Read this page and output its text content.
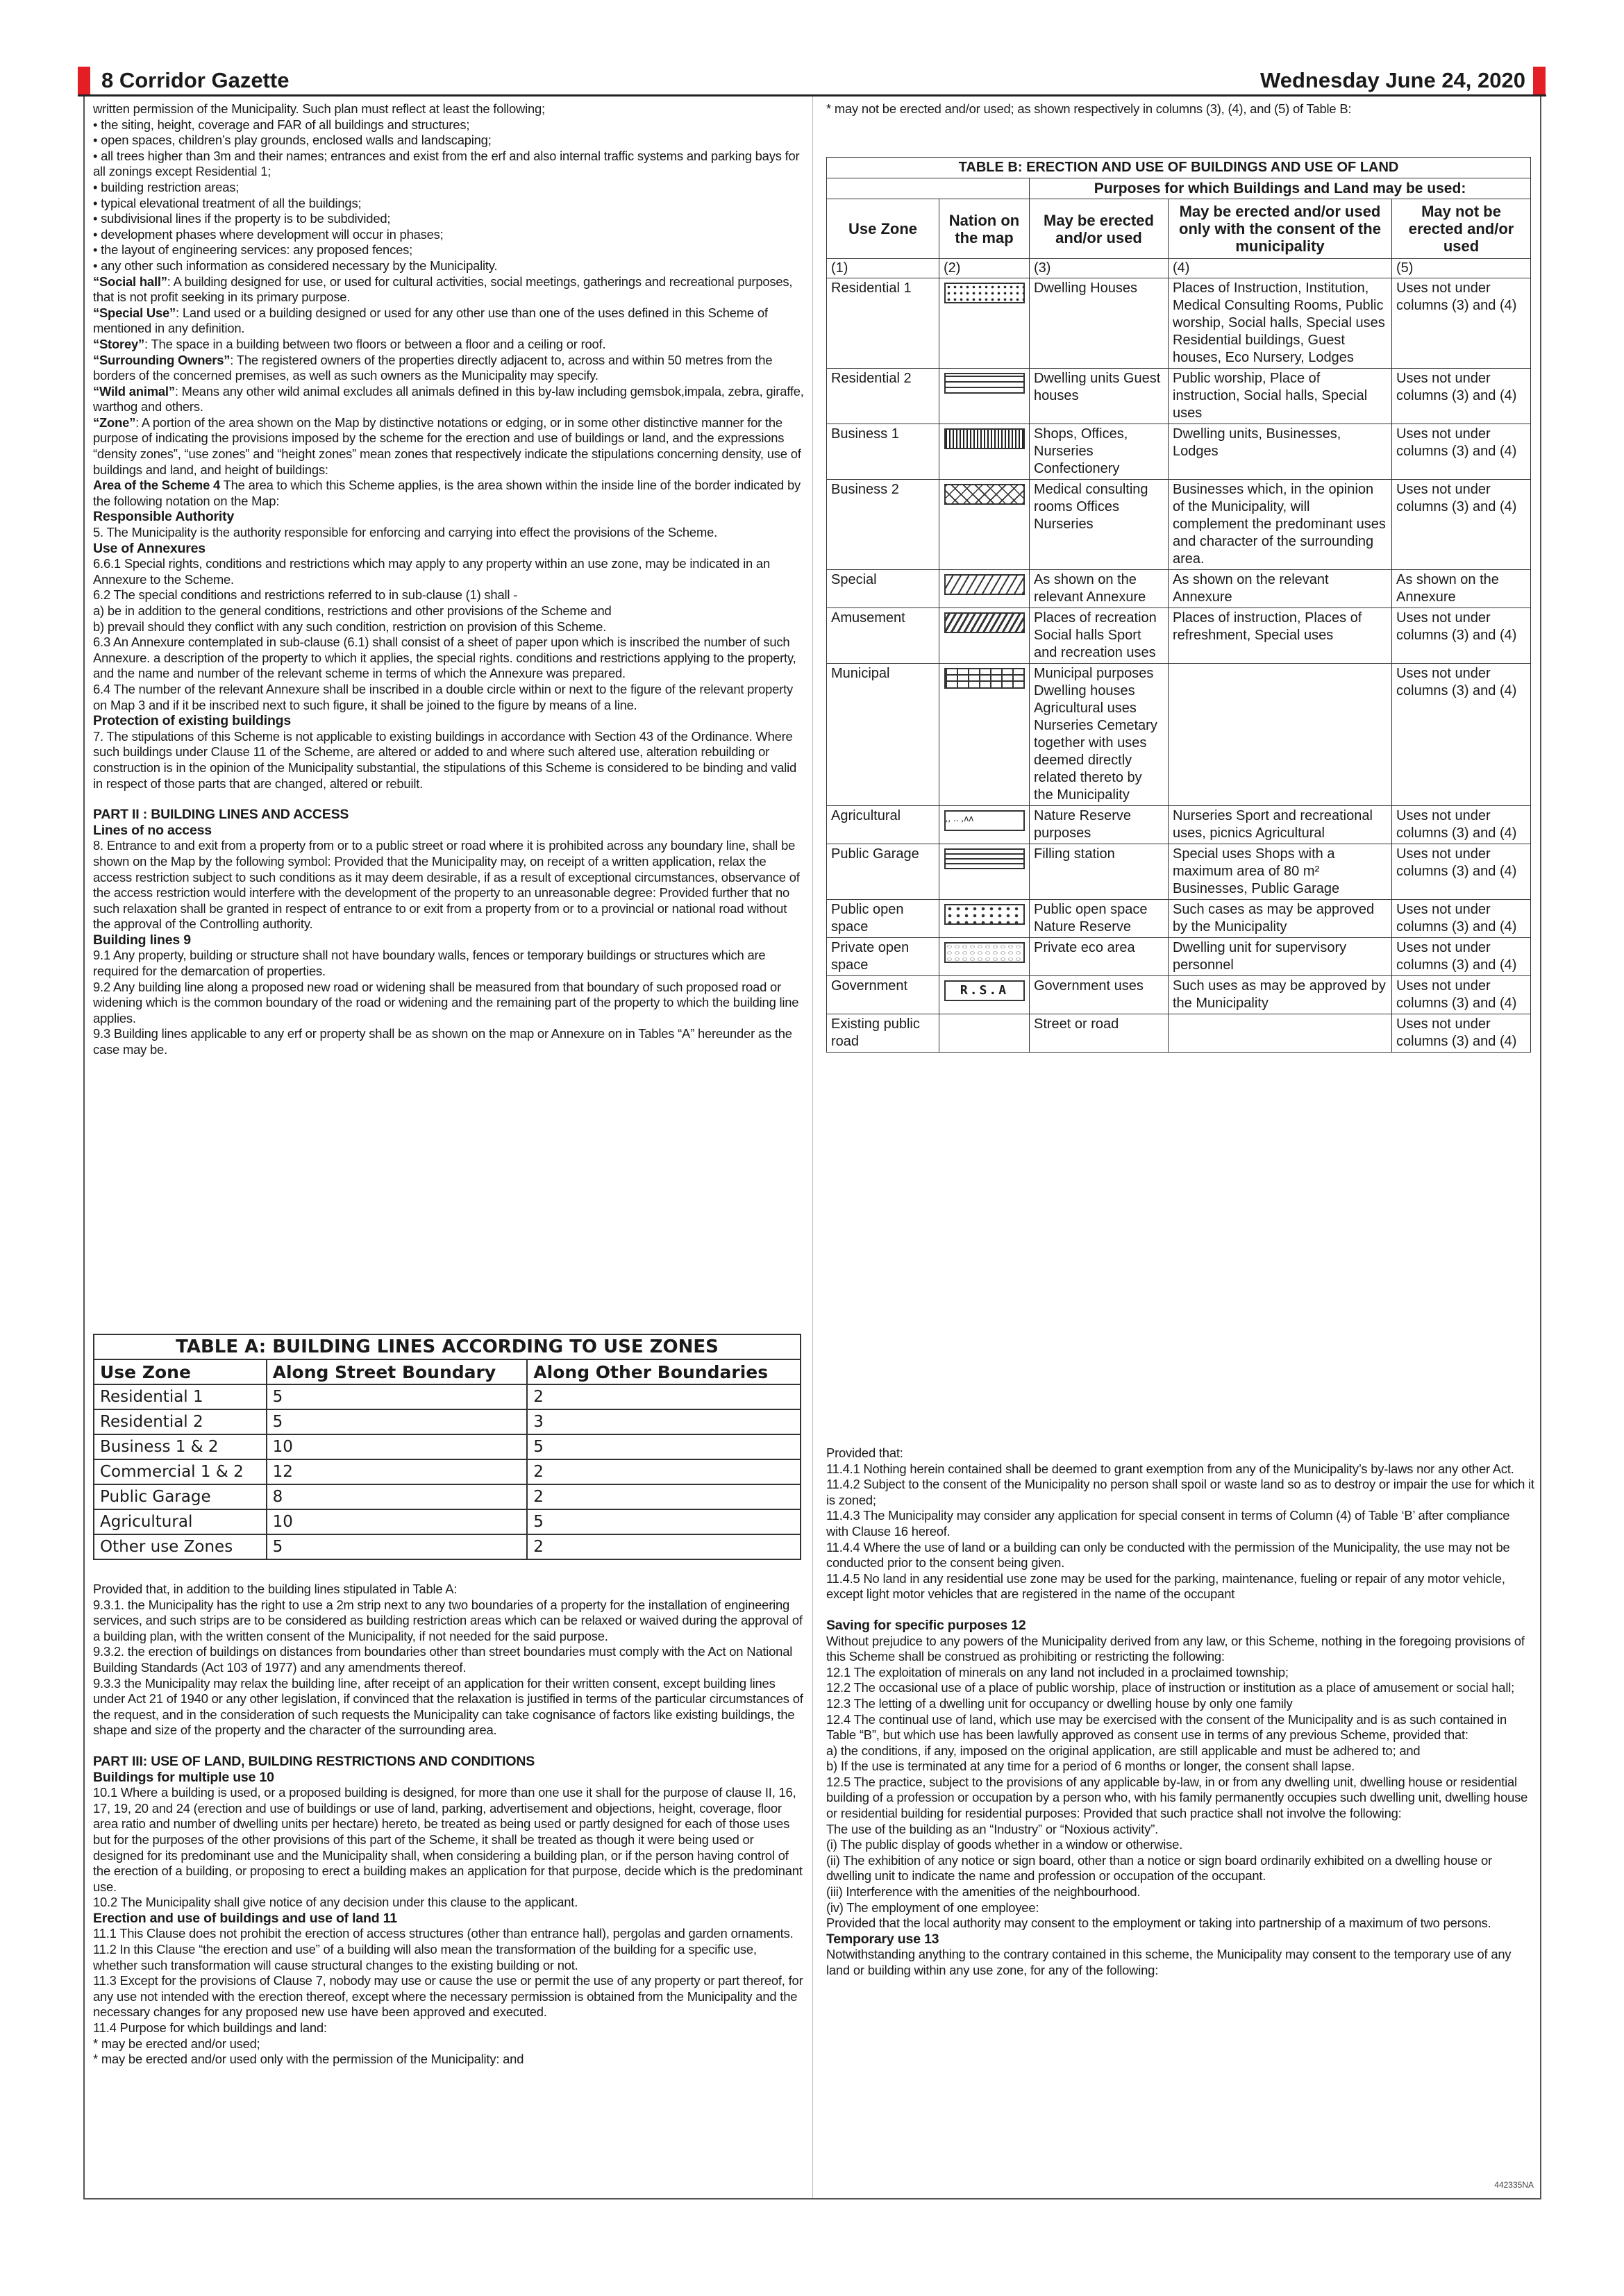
8 Corridor Gazette	Wednesday June 24, 2020

written permission of the Municipality. Such plan must reflect at least the following;

• the siting, height, coverage and FAR of all buildings and structures;

• open spaces, children’s play grounds, enclosed walls and landscaping;

• all trees higher than 3m and their names; entrances and exist from the erf and also internal traffic systems and parking bays for all zonings except Residential 1;

• building restriction areas;

• typical elevational treatment of all the buildings;

• subdivisional lines if the property is to be subdivided;

• development phases where development will occur in phases;

• the layout of engineering services: any proposed fences;

• any other such information as considered necessary by the Municipality.

“Social hall”: A building designed for use, or used for cultural activities, social meetings, gatherings and recreational purposes, that is not profit seeking in its primary purpose.

“Special Use”: Land used or a building designed or used for any other use than one of the uses defined in this Scheme of mentioned in any definition.

“Storey”: The space in a building between two floors or between a floor and a ceiling or roof.

“Surrounding Owners”: The registered owners of the properties directly adjacent to, across and within 50 metres from the borders of the concerned premises, as well as such owners as the Municipality may specify.

“Wild animal”: Means any other wild animal excludes all animals defined in this by-law including gemsbok,impala, zebra, giraffe, warthog and others.

“Zone”: A portion of the area shown on the Map by distinctive notations or edging, or in some other distinctive manner for the purpose of indicating the provisions imposed by the scheme for the erection and use of buildings or land, and the expressions “density zones”, “use zones” and “height zones” mean zones that respectively indicate the stipulations concerning density, use of buildings and land, and height of buildings:

Area of the Scheme 4 The area to which this Scheme applies, is the area shown within the inside line of the border indicated by the following notation on the Map:

Responsible Authority

5. The Municipality is the authority responsible for enforcing and carrying into effect the provisions of the Scheme.

Use of Annexures

6.6.1 Special rights, conditions and restrictions which may apply to any property within an use zone, may be indicated in an Annexure to the Scheme.

6.2 The special conditions and restrictions referred to in sub-clause (1) shall -

a) be in addition to the general conditions, restrictions and other provisions of the Scheme and

b) prevail should they conflict with any such condition, restriction on provision of this Scheme.

6.3 An Annexure contemplated in sub-clause (6.1) shall consist of a sheet of paper upon which is inscribed the number of such Annexure. a description of the property to which it applies, the special rights. conditions and restrictions applying to the property, and the name and number of the relevant scheme in terms of which the Annexure was prepared.

6.4 The number of the relevant Annexure shall be inscribed in a double circle within or next to the figure of the relevant property on Map 3 and if it be inscribed next to such figure, it shall be joined to the figure by means of a line.

Protection of existing buildings

7. The stipulations of this Scheme is not applicable to existing buildings in accordance with Section 43 of the Ordinance. Where such buildings under Clause 11 of the Scheme, are altered or added to and where such altered use, alteration rebuilding or construction is in the opinion of the Municipality substantial, the stipulations of this Scheme is considered to be binding and valid in respect of those parts that are changed, altered or rebuilt.

PART II : BUILDING LINES AND ACCESS

Lines of no access

8. Entrance to and exit from a property from or to a public street or road where it is prohibited across any boundary line, shall be shown on the Map by the following symbol: Provided that the Municipality may, on receipt of a written application, relax the access restriction subject to such conditions as it may deem desirable, if as a result of exceptional circumstances, observance of the access restriction would interfere with the development of the property to an unreasonable degree: Provided further that no such relaxation shall be granted in respect of entrance to or exit from a property from or to a provincial or national road without the approval of the Controlling authority.

Building lines 9

9.1 Any property, building or structure shall not have boundary walls, fences or temporary buildings or structures which are required for the demarcation of properties.

9.2 Any building line along a proposed new road or widening shall be measured from that boundary of such proposed road or widening which is the common boundary of the road or widening and the remaining part of the property to which the building line applies.

9.3 Building lines applicable to any erf or property shall be as shown on the map or Annexure on in Tables “A” hereunder as the case may be.

TABLE A: BUILDING LINES ACCORDING TO USE ZONES		
Use Zone	Along Street Boundary	Along Other Boundaries
Residential 1	5	2
Residential 2	5	3
Business 1 & 2	10	5
Commercial 1 & 2	12	2
Public Garage	8	2
Agricultural	10	5
Other use Zones	5	2

Provided that, in addition to the building lines stipulated in Table A:

9.3.1. the Municipality has the right to use a 2m strip next to any two boundaries of a property for the installation of engineering services, and such strips are to be considered as building restriction areas which can be relaxed or waived during the approval of a building plan, with the written consent of the Municipality, if not needed for the said purpose.

9.3.2. the erection of buildings on distances from boundaries other than street boundaries must comply with the Act on National Building Standards (Act 103 of 1977) and any amendments thereof.

9.3.3 the Municipality may relax the building line, after receipt of an application for their written consent, except building lines under Act 21 of 1940 or any other legislation, if convinced that the relaxation is justified in terms of the particular circumstances of the request, and in the consideration of such requests the Municipality can take cognisance of factors like existing buildings, the shape and size of the property and the character of the surrounding area.

PART III: USE OF LAND, BUILDING RESTRICTIONS AND CONDITIONS

Buildings for multiple use 10

10.1 Where a building is used, or a proposed building is designed, for more than one use it shall for the purpose of clause II, 16, 17, 19, 20 and 24 (erection and use of buildings or use of land, parking, advertisement and objections, height, coverage, floor area ratio and number of dwelling units per hectare) hereto, be treated as being used or partly designed for each of those uses but for the purposes of the other provisions of this part of the Scheme, it shall be treated as though it were being used or designed for its predominant use and the Municipality shall, when considering a building plan, or if the person having control of the erection of a building, or proposing to erect a building makes an application for that purpose, decide which is the predominant use.

10.2 The Municipality shall give notice of any decision under this clause to the applicant.

Erection and use of buildings and use of land 11

11.1 This Clause does not prohibit the erection of access structures (other than entrance hall), pergolas and garden ornaments.

11.2 In this Clause “the erection and use” of a building will also mean the transformation of the building for a specific use, whether such transformation will cause structural changes to the existing building or not.

11.3 Except for the provisions of Clause 7, nobody may use or cause the use or permit the use of any property or part thereof, for any use not intended with the erection thereof, except where the necessary permission is obtained from the Municipality and the necessary changes for any proposed new use have been approved and executed.

11.4 Purpose for which buildings and land:

* may be erected and/or used;

* may be erected and/or used only with the permission of the Municipality: and

* may not be erected and/or used; as shown respectively in columns (3), (4), and (5) of Table B:
TABLE B: ERECTION AND USE OF BUILDINGS AND USE OF LAND				
		Purposes for which Buildings and Land may be used:		
Use Zone	Nation on the map	May be erected and/or used	May be erected and/or used only with the consent of the municipality	May not be erected and/or used
(1)	(2)	(3)	(4)	(5)
Residential 1		Dwelling Houses	Places of Instruction, Institution, Medical Consulting Rooms, Public worship, Social halls, Special uses Residential buildings, Guest houses, Eco Nursery, Lodges	Uses not under columns (3) and (4)
Residential 2		Dwelling units Guest houses	Public worship, Place of instruction, Social halls, Special uses	Uses not under columns (3) and (4)
Business 1		Shops, Offices, Nurseries Confectionery	Dwelling units, Businesses, Lodges	Uses not under columns (3) and (4)
Business 2		Medical consulting rooms Offices Nurseries	Businesses which, in the opinion of the Municipality, will complement the predominant uses and character of the surrounding area.	Uses not under columns (3) and (4)
Special		As shown on the relevant Annexure	As shown on the relevant Annexure	As shown on the Annexure
Amusement		Places of recreation Social halls Sport and recreation uses	Places of instruction, Places of refreshment, Special uses	Uses not under columns (3) and (4)
Municipal		Municipal purposes Dwelling houses Agricultural uses Nurseries Cemetary together with uses deemed directly related thereto by the Municipality		Uses not under columns (3) and (4)
Agricultural	,, .. ,ʌʌ	Nature Reserve purposes	Nurseries Sport and recreational uses, picnics Agricultural	Uses not under columns (3) and (4)
Public Garage		Filling station	Special uses Shops with a maximum area of 80 m² Businesses, Public Garage	Uses not under columns (3) and (4)
Public open space		Public open space Nature Reserve	Such cases as may be approved by the Municipality	Uses not under columns (3) and (4)
Private open space		Private eco area	Dwelling unit for supervisory personnel	Uses not under columns (3) and (4)
Government	R.S.A	Government uses	Such uses as may be approved by the Municipality	Uses not under columns (3) and (4)
Existing public road		Street or road		Uses not under columns (3) and (4)

Provided that:

11.4.1 Nothing herein contained shall be deemed to grant exemption from any of the Municipality’s by-laws nor any other Act.

11.4.2 Subject to the consent of the Municipality no person shall spoil or waste land so as to destroy or impair the use for which it is zoned;

11.4.3 The Municipality may consider any application for special consent in terms of Column (4) of Table ‘B’ after compliance with Clause 16 hereof.

11.4.4 Where the use of land or a building can only be conducted with the permission of the Municipality, the use may not be conducted prior to the consent being given.

11.4.5 No land in any residential use zone may be used for the parking, maintenance, fueling or repair of any motor vehicle, except light motor vehicles that are registered in the name of the occupant

Saving for specific purposes 12

Without prejudice to any powers of the Municipality derived from any law, or this Scheme, nothing in the foregoing provisions of this Scheme shall be construed as prohibiting or restricting the following:

12.1 The exploitation of minerals on any land not included in a proclaimed township;

12.2 The occasional use of a place of public worship, place of instruction or institution as a place of amusement or social hall;

12.3 The letting of a dwelling unit for occupancy or dwelling house by only one family

12.4 The continual use of land, which use may be exercised with the consent of the Municipality and is as such contained in Table “B”, but which use has been lawfully approved as consent use in terms of any previous Scheme, provided that:

a) the conditions, if any, imposed on the original application, are still applicable and must be adhered to; and

b) If the use is terminated at any time for a period of 6 months or longer, the consent shall lapse.

12.5 The practice, subject to the provisions of any applicable by-law, in or from any dwelling unit, dwelling house or residential building of a profession or occupation by a person who, with his family permanently occupies such dwelling unit, dwelling house or residential building for residential purposes: Provided that such practice shall not involve the following:

The use of the building as an “Industry” or “Noxious activity”.

(i) The public display of goods whether in a window or otherwise.

(ii) The exhibition of any notice or sign board, other than a notice or sign board ordinarily exhibited on a dwelling house or dwelling unit to indicate the name and profession or occupation of the occupant.

(iii) Interference with the amenities of the neighbourhood.

(iv) The employment of one employee:

Provided that the local authority may consent to the employment or taking into partnership of a maximum of two persons.

Temporary use 13

Notwithstanding anything to the contrary contained in this scheme, the Municipality may consent to the temporary use of any land or building within any use zone, for any of the following:

442335NA
